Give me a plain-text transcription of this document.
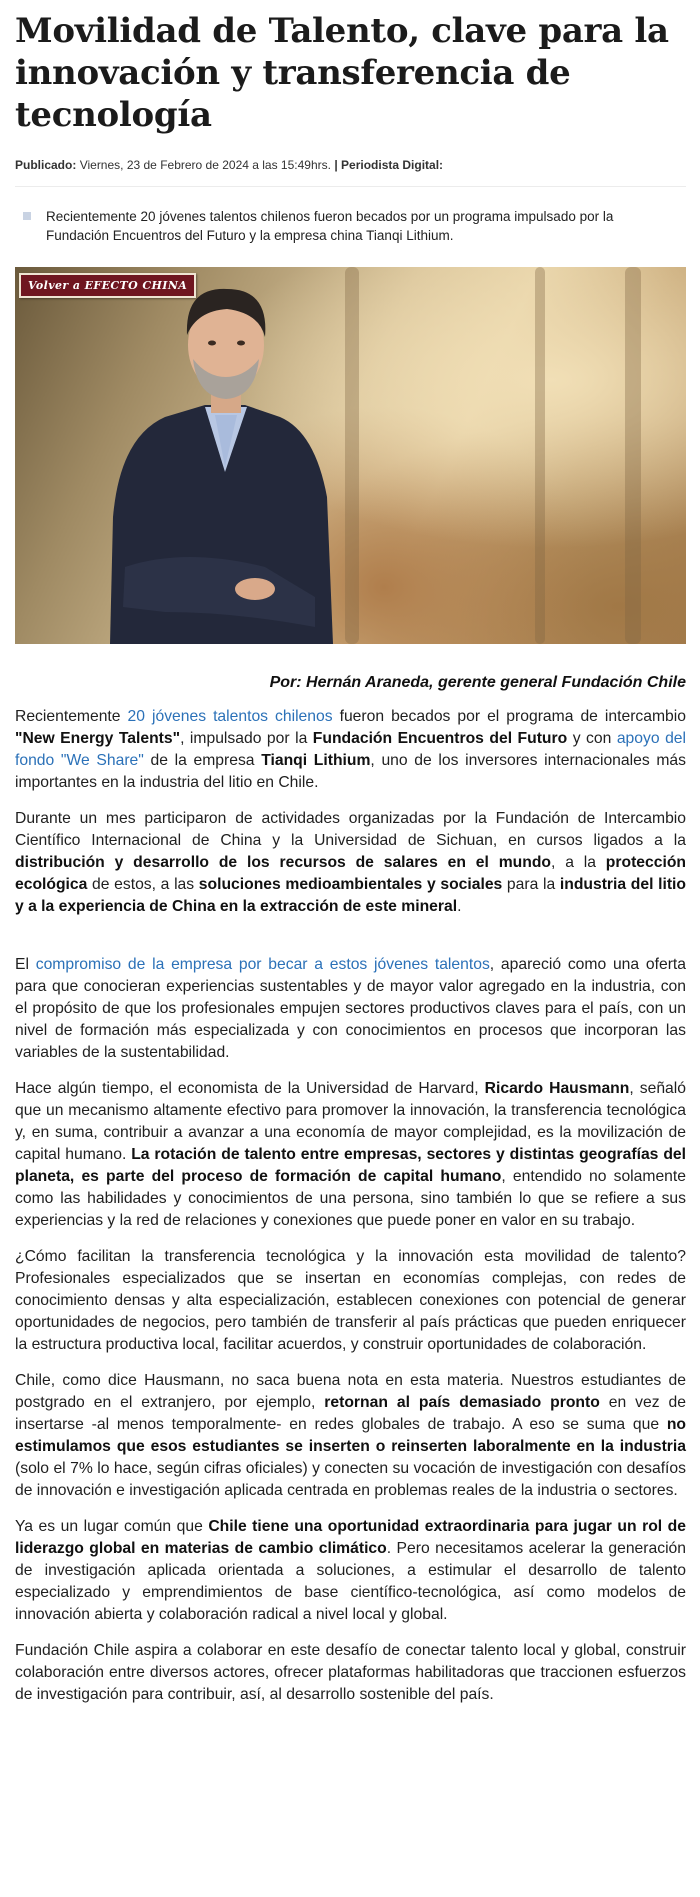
Movilidad de Talento, clave para la innovación y transferencia de tecnología
Publicado: Viernes, 23 de Febrero de 2024 a las 15:49hrs. | Periodista Digital:
Recientemente 20 jóvenes talentos chilenos fueron becados por un programa impulsado por la Fundación Encuentros del Futuro y la empresa china Tianqi Lithium.
Volver a EFECTO CHINA
Por: Hernán Araneda, gerente general Fundación Chile

Recientemente 20 jóvenes talentos chilenos fueron becados por el programa de intercambio "New Energy Talents", impulsado por la Fundación Encuentros del Futuro y con apoyo del fondo "We Share" de la empresa Tianqi Lithium, uno de los inversores internacionales más importantes en la industria del litio en Chile.

Durante un mes participaron de actividades organizadas por la Fundación de Intercambio Científico Internacional de China y la Universidad de Sichuan, en cursos ligados a la distribución y desarrollo de los recursos de salares en el mundo, a la protección ecológica de estos, a las soluciones medioambientales y sociales para la industria del litio y a la experiencia de China en la extracción de este mineral.

El compromiso de la empresa por becar a estos jóvenes talentos, apareció como una oferta para que conocieran experiencias sustentables y de mayor valor agregado en la industria, con el propósito de que los profesionales empujen sectores productivos claves para el país, con un nivel de formación más especializada y con conocimientos en procesos que incorporan las variables de la sustentabilidad.

Hace algún tiempo, el economista de la Universidad de Harvard, Ricardo Hausmann, señaló que un mecanismo altamente efectivo para promover la innovación, la transferencia tecnológica y, en suma, contribuir a avanzar a una economía de mayor complejidad, es la movilización de capital humano. La rotación de talento entre empresas, sectores y distintas geografías del planeta, es parte del proceso de formación de capital humano, entendido no solamente como las habilidades y conocimientos de una persona, sino también lo que se refiere a sus experiencias y la red de relaciones y conexiones que puede poner en valor en su trabajo.

¿Cómo facilitan la transferencia tecnológica y la innovación esta movilidad de talento? Profesionales especializados que se insertan en economías complejas, con redes de conocimiento densas y alta especialización, establecen conexiones con potencial de generar oportunidades de negocios, pero también de transferir al país prácticas que pueden enriquecer la estructura productiva local, facilitar acuerdos, y construir oportunidades de colaboración.

Chile, como dice Hausmann, no saca buena nota en esta materia. Nuestros estudiantes de postgrado en el extranjero, por ejemplo, retornan al país demasiado pronto en vez de insertarse -al menos temporalmente- en redes globales de trabajo. A eso se suma que no estimulamos que esos estudiantes se inserten o reinserten laboralmente en la industria (solo el 7% lo hace, según cifras oficiales) y conecten su vocación de investigación con desafíos de innovación e investigación aplicada centrada en problemas reales de la industria o sectores.

Ya es un lugar común que Chile tiene una oportunidad extraordinaria para jugar un rol de liderazgo global en materias de cambio climático. Pero necesitamos acelerar la generación de investigación aplicada orientada a soluciones, a estimular el desarrollo de talento especializado y emprendimientos de base científico-tecnológica, así como modelos de innovación abierta y colaboración radical a nivel local y global.

Fundación Chile aspira a colaborar en este desafío de conectar talento local y global, construir colaboración entre diversos actores, ofrecer plataformas habilitadoras que traccionen esfuerzos de investigación para contribuir, así, al desarrollo sostenible del país.
